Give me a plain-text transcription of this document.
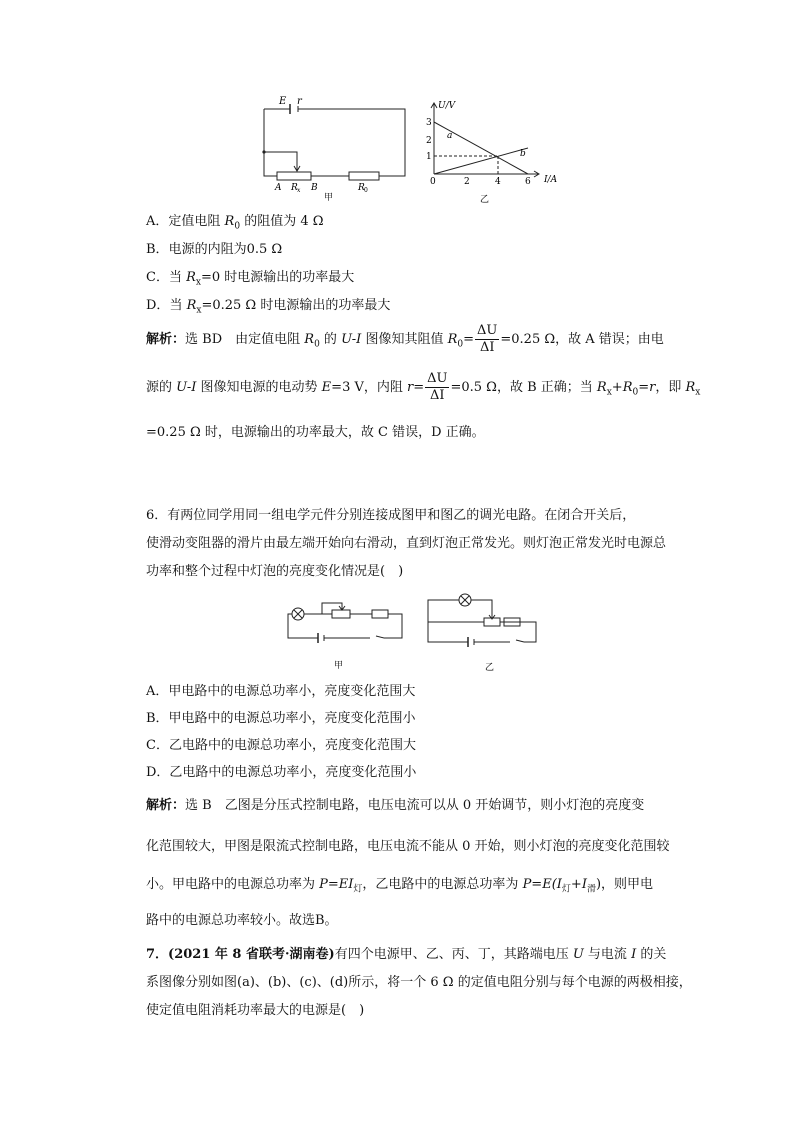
E r
A R x B	R 0
甲
U/V
I/A
3
2
1
0	2	4	6
a
b
乙
A．定值电阻 $R_0$ 的阻值为 4 Ω
B．电源的内阻为0.5 Ω
C．当 $R_x=0$ 时电源输出的功率最大
D．当 $R_x=0.25$ Ω 时电源输出的功率最大
解析：选 BD　由定值电阻 $R_0$ 的 U-I 图像知其阻值 $R_0= \frac{\Delta U}{\Delta I} =0.25$ Ω，故 A 错误；由电
源的 U-I 图像知电源的电动势 E=3 V，内阻 $r= \frac{\Delta U}{\Delta I} =0.5$ Ω，故 B 正确；当 $R_x+R_0=r$，即 $R_x$
=0.25 Ω 时，电源输出的功率最大，故 C 错误，D 正确。
6．有两位同学用同一组电学元件分别连接成图甲和图乙的调光电路。在闭合开关后，
使滑动变阻器的滑片由最左端开始向右滑动，直到灯泡正常发光。则灯泡正常发光时电源总
功率和整个过程中灯泡的亮度变化情况是(　)
甲	乙
A．甲电路中的电源总功率小，亮度变化范围大
B．甲电路中的电源总功率小，亮度变化范围小
C．乙电路中的电源总功率小，亮度变化范围大
D．乙电路中的电源总功率小，亮度变化范围小
解析：选 B　乙图是分压式控制电路，电压电流可以从 0 开始调节，则小灯泡的亮度变
化范围较大，甲图是限流式控制电路，电压电流不能从 0 开始，则小灯泡的亮度变化范围较
小。甲电路中的电源总功率为 $P=EI_灯$，乙电路中的电源总功率为 $P=E(I_灯+I_滑)$，则甲电
路中的电源总功率较小。故选B。
7．(2021 年 8 省联考·湖南卷)有四个电源甲、乙、丙、丁，其路端电压 U 与电流 I 的关
系图像分别如图(a)、(b)、(c)、(d)所示，将一个 6 Ω 的定值电阻分别与每个电源的两极相接，
使定值电阻消耗功率最大的电源是(　)
